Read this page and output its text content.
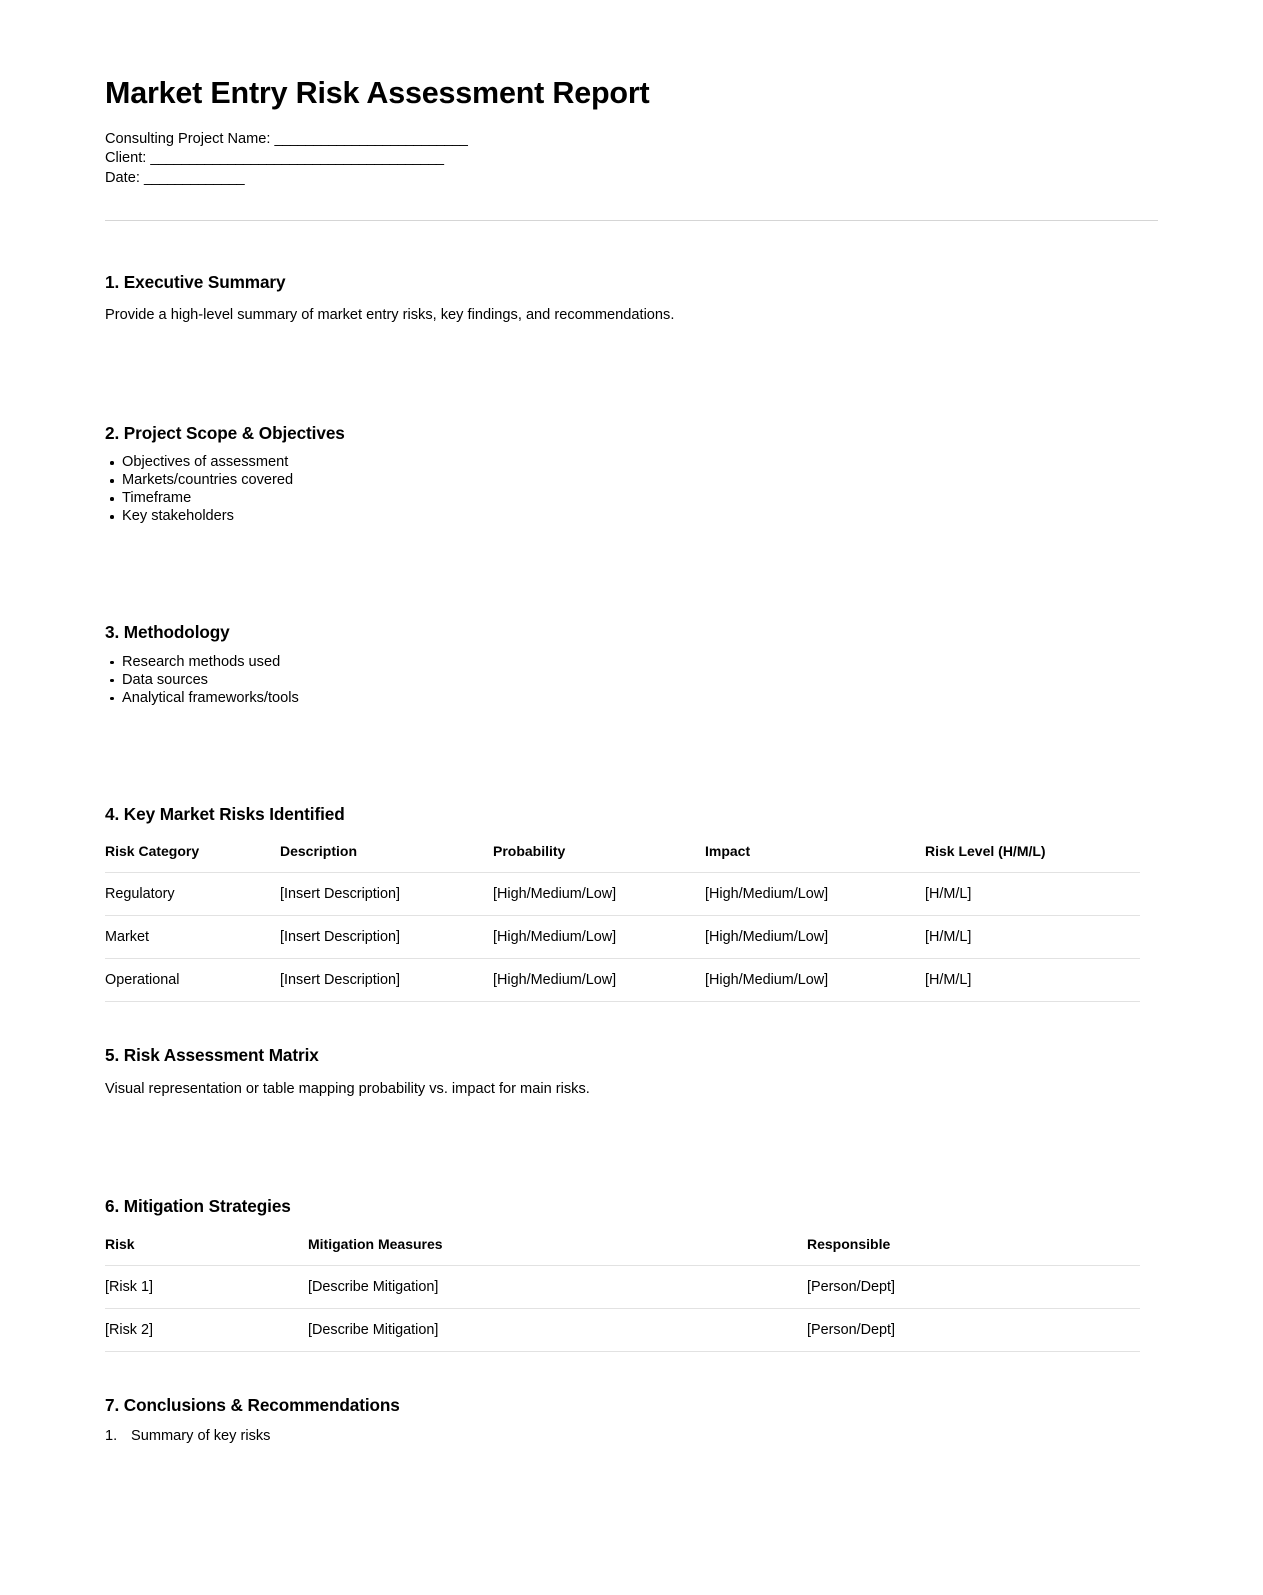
Market Entry Risk Assessment Report
Consulting Project Name: _________________________
Client: ______________________________________
Date: _____________
1. Executive Summary

Provide a high-level summary of market entry risks, key findings, and recommendations.

2. Project Scope & Objectives
Objectives of assessment
Markets/countries covered
Timeframe
Key stakeholders
3. Methodology
Research methods used
Data sources
Analytical frameworks/tools
4. Key Market Risks Identified
Risk Category	Description	Probability	Impact	Risk Level (H/M/L)
Regulatory	[Insert Description]	[High/Medium/Low]	[High/Medium/Low]	[H/M/L]
Market	[Insert Description]	[High/Medium/Low]	[High/Medium/Low]	[H/M/L]
Operational	[Insert Description]	[High/Medium/Low]	[High/Medium/Low]	[H/M/L]
5. Risk Assessment Matrix

Visual representation or table mapping probability vs. impact for main risks.

6. Mitigation Strategies
Risk	Mitigation Measures	Responsible
[Risk 1]	[Describe Mitigation]	[Person/Dept]
[Risk 2]	[Describe Mitigation]	[Person/Dept]
7. Conclusions & Recommendations
Summary of key risks
